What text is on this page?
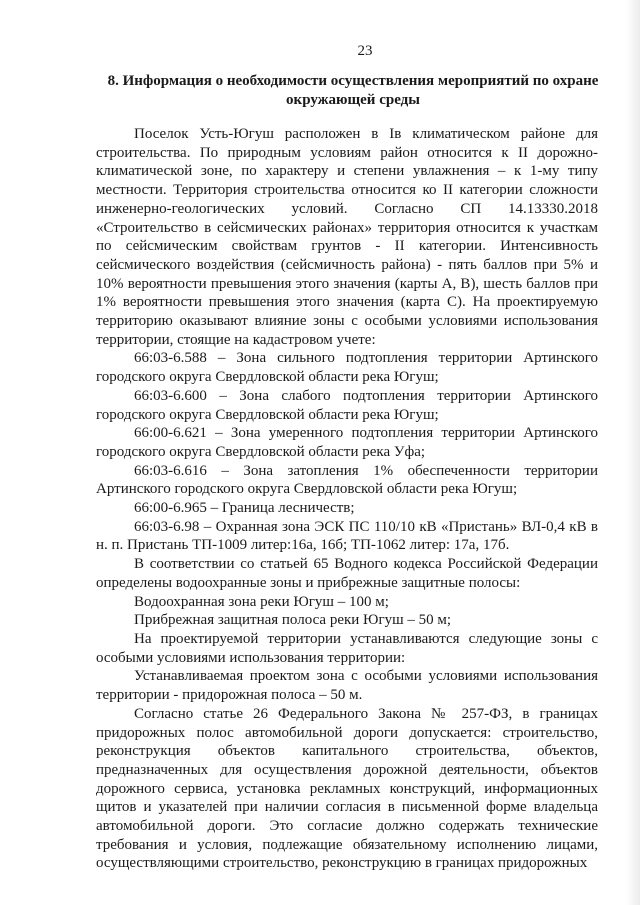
23
8. Информация о необходимости осуществления мероприятий по охране окружающей среды

Поселок Усть-Югуш расположен в Iв климатическом районе для строительства. По природным условиям район относится к II дорожно-климатической зоне, по характеру и степени увлажнения – к 1-му типу местности. Территория строительства относится ко II категории сложности инженерно-геологических условий. Согласно СП 14.13330.2018 «Строительство в сейсмических районах» территория относится к участкам по сейсмическим свойствам грунтов - II категории. Интенсивность сейсмического воздействия (сейсмичность района) - пять баллов при 5% и 10% вероятности превышения этого значения (карты А, В), шесть баллов при 1% вероятности превышения этого значения (карта С). На проектируемую территорию оказывают влияние зоны с особыми условиями использования территории, стоящие на кадастровом учете:

66:03-6.588 – Зона сильного подтопления территории Артинского городского округа Свердловской области река Югуш;

66:03-6.600 – Зона слабого подтопления территории Артинского городского округа Свердловской области река Югуш;

66:00-6.621 – Зона умеренного подтопления территории Артинского городского округа Свердловской области река Уфа;

66:03-6.616 – Зона затопления 1% обеспеченности территории Артинского городского округа Свердловской области река Югуш;

66:00-6.965 – Граница лесничеств;

66:03-6.98 – Охранная зона ЭСК ПС 110/10 кВ «Пристань» ВЛ-0,4 кВ в н. п. Пристань ТП-1009 литер:16а, 16б; ТП-1062 литер: 17а, 17б.

В соответствии со статьей 65 Водного кодекса Российской Федерации определены водоохранные зоны и прибрежные защитные полосы:

Водоохранная зона реки Югуш – 100 м;

Прибрежная защитная полоса реки Югуш – 50 м;

На проектируемой территории устанавливаются следующие зоны с особыми условиями использования территории:

Устанавливаемая проектом зона с особыми условиями использования территории - придорожная полоса – 50 м.

Согласно статье 26 Федерального Закона № 257-ФЗ, в границах придорожных полос автомобильной дороги допускается: строительство, реконструкция объектов капитального строительства, объектов, предназначенных для осуществления дорожной деятельности, объектов дорожного сервиса, установка рекламных конструкций, информационных щитов и указателей при наличии согласия в письменной форме владельца автомобильной дороги. Это согласие должно содержать технические требования и условия, подлежащие обязательному исполнению лицами, осуществляющими строительство, реконструкцию в границах придорожных
